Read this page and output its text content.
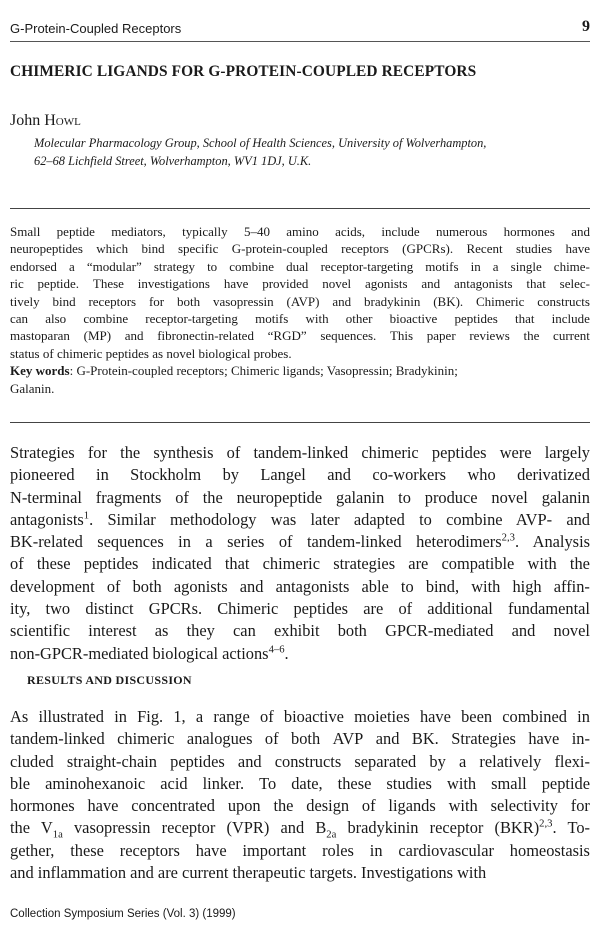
G-Protein-Coupled Receptors	9
CHIMERIC LIGANDS FOR G-PROTEIN-COUPLED RECEPTORS
John Howl
Molecular Pharmacology Group, School of Health Sciences, University of Wolverhampton,
62–68 Lichfield Street, Wolverhampton, WV1 1DJ, U.K.
Small peptide mediators, typically 5–40 amino acids, include numerous hormones and
neuropeptides which bind specific G-protein-coupled receptors (GPCRs). Recent studies have
endorsed a “modular” strategy to combine dual receptor-targeting motifs in a single chime-
ric peptide. These investigations have provided novel agonists and antagonists that selec-
tively bind receptors for both vasopressin (AVP) and bradykinin (BK). Chimeric constructs
can also combine receptor-targeting motifs with other bioactive peptides that include
mastoparan (MP) and fibronectin-related “RGD” sequences. This paper reviews the current
status of chimeric peptides as novel biological probes.
Key words: G-Protein-coupled receptors; Chimeric ligands; Vasopressin; Bradykinin;
Galanin.
Strategies for the synthesis of tandem-linked chimeric peptides were largely
pioneered in Stockholm by Langel and co-workers who derivatized
N-terminal fragments of the neuropeptide galanin to produce novel galanin
antagonists$^1$. Similar methodology was later adapted to combine AVP- and
BK-related sequences in a series of tandem-linked heterodimers$^{2,3}$. Analysis
of these peptides indicated that chimeric strategies are compatible with the
development of both agonists and antagonists able to bind, with high affin-
ity, two distinct GPCRs. Chimeric peptides are of additional fundamental
scientific interest as they can exhibit both GPCR-mediated and novel
non-GPCR-mediated biological actions$^{4-6}$.
RESULTS AND DISCUSSION
As illustrated in Fig. 1, a range of bioactive moieties have been combined in
tandem-linked chimeric analogues of both AVP and BK. Strategies have in-
cluded straight-chain peptides and constructs separated by a relatively flexi-
ble aminohexanoic acid linker. To date, these studies with small peptide
hormones have concentrated upon the design of ligands with selectivity for
the $V_{1a}$ vasopressin receptor (VPR) and $B_{2a}$ bradykinin receptor (BKR)$^{2,3}$. To-
gether, these receptors have important roles in cardiovascular homeostasis
and inflammation and are current therapeutic targets. Investigations with
Collection Symposium Series (Vol. 3) (1999)
